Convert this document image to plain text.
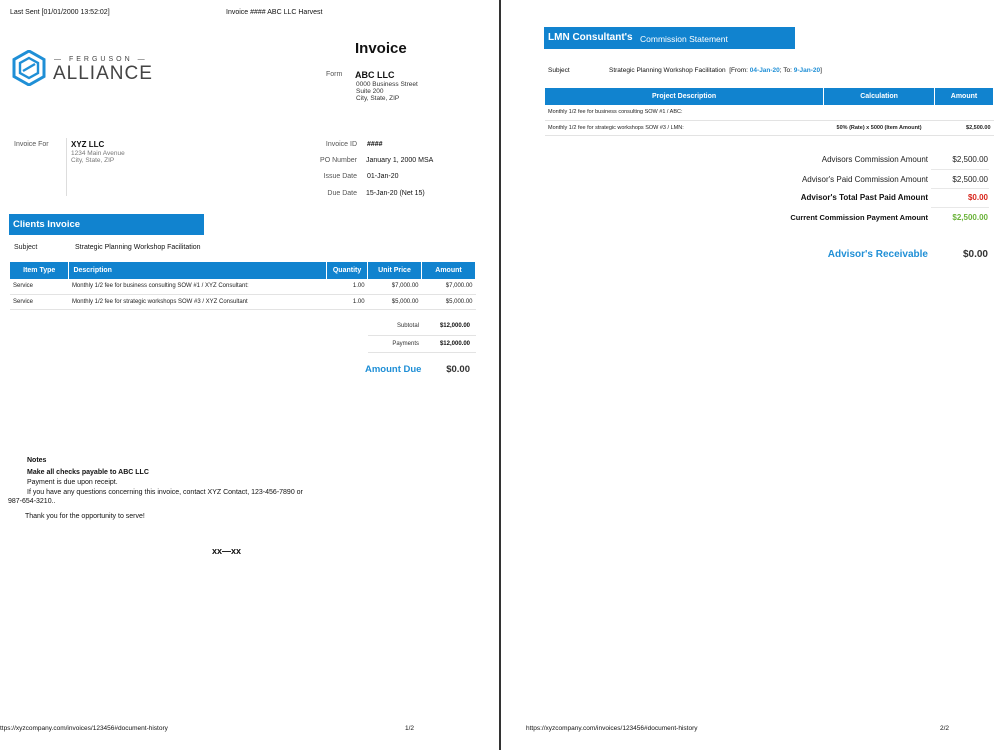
Last Sent [01/01/2000 13:52:02]	Invoice #### ABC LLC Harvest
— FERGUSON —
ALLIANCE
Invoice
Form ABC LLC
0000 Business Street
Suite 200
City, State, ZIP
Invoice For	XYZ LLC
1234 Main Avenue
City, State, ZIP
Invoice ID ####
PO Number January 1, 2000 MSA
Issue Date 01-Jan-20
Due Date 15-Jan-20 (Net 15)
Clients Invoice
Subject	Strategic Planning Workshop Facilitation
Item Type	Description	Quantity	Unit Price	Amount
Service	Monthly 1/2 fee for business consulting SOW #1 / XYZ Consultant:	1.00	$7,000.00	$7,000.00
Service	Monthly 1/2 fee for strategic workshops SOW #3 / XYZ Consultant	1.00	$5,000.00	$5,000.00
Subtotal	$12,000.00
Payments	$12,000.00
Amount Due	$0.00
Notes
Make all checks payable to ABC LLC
Payment is due upon receipt.
If you have any questions concerning this invoice, contact XYZ Contact, 123-456-7890 or
987-654-3210..
Thank you for the opportunity to serve!
xx—xx
ttps://xyzcompany.com/invoices/123456#document-history	1/2
LMN Consultant's Commission Statement
Subject	Strategic Planning Workshop Facilitation [From: 04-Jan-20; To: 9-Jan-20]
Project Description	Calculation	Amount
Monthly 1/2 fee for business consulting SOW #1 / ABC:		
Monthly 1/2 fee for strategic workshops SOW #3 / LMN:	50% (Rate) x 5000 (Item Amount)	$2,500.00
Advisors Commission Amount	$2,500.00
Advisor's Paid Commission Amount	$2,500.00
Advisor's Total Past Paid Amount	$0.00
Current Commission Payment Amount	$2,500.00
Advisor's Receivable	$0.00
https://xyzcompany.com/invoices/123456#document-history	2/2
